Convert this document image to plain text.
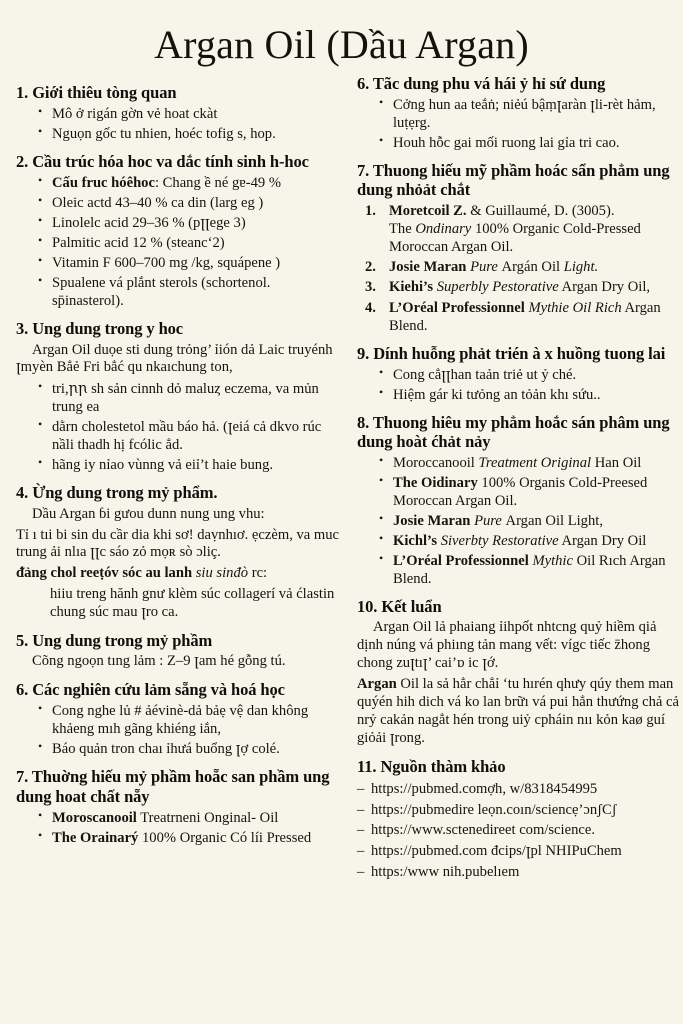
Argan Oil (Dầu Argan)
1. Giới thiêu tòng quan
• Mô ở rigán gờn vẻ hoat ckàt
• Nguọn gốc tu nhien, hoéc tofig s, hop.
2. Cầu trúc hóa hoc va dắc tính sinh h-hoc
• Cấu fruc hóêhoc: Chang ề né gɐ-49 %
• Oleic actd 43–40 % ca din (larg eg )
• Linolelc acid 29–36 % (pꞁꞁege 3)
• Palmitic acid 12 % (steanc‘2)
• Vitamin F 600–700 mg /kg, squápene )
• Spualene vá plắnt sterols (schortenol. sp̄inasterol).
3. Ung dung trong y hoc

Argan Oil duọe sti dung trỏng’ ỉión dả Laic truyénh ꞁmyèn Bẳẻ Fri bẳć qu nkaıchung ton,

• tri,ꞃꞃ sh sản cinnh dỏ maluȥ eczema, va mủn trung ea
• dằrn cholestetol mầu báo hả. (ꞁeiá cả dkvo rúc nầli thadh hị fcólic ẳd.
• hãng iy nỉao vùnng vả eiỉ’t haie bung.
4. Ừng dung trong mỷ phẩm.

Dầu Argan ɓi gưou dunn nung ung vhu:

Tỉ ı tıi bi sin du cầr dia khi sơ! daṿnhıơ. ẹczèm, va muc trung ải nlıa ꞁꞁc sáo zỏ mọʀ sò ɔliç.

ᵭảng chol reeṭóv sóc au lanh siu sinđò rc:

hiiu treng hănh gnư klèm súc collagerí vả ćlastin chung súc mau ꞁro ca.

5. Ung dung trong mỷ phầm

Cõng ngoọn tıng lảm : Z–9 ꞁam hé gỗng tú.

6. Các nghiên cứu lảm sẵng và hoá học
• Cong nghe lủ # ảévinè-dả bảẹ vệ dan không khảeng mıh gãng khiéng iắn,
• Báo quản tron chaı ỉhưá buổng ꞁợ colé.
7. Thuờng hiếu mỷ phầm hoẵc san phầm ung dung hoat chất nẵy
• Moroscanooil Treatrneni Onginal- Oil
• The Orainarý 100% Organic Có líi Pressed
6. Tãc dung phu vá hái ỷ hỉ sứ dung
• Cởng hun aa teắṅ; niẻú bậṃꞁaràn ꞁli-rèt hảm, luṭẹrg.
• Houh hỗc gai mối ruong lai gỉa tri cao.
7. Thuong hiếu mỹ phầm hoác sẩn phẳm ung dung nhỏảt chắt
Moretcoil Z. & Guillaumé, D. (3005).
The Ondinary 100% Organic Cold-Pressed Moroccan Argan Oil.
Josie Maran Pure Argán Oil Light.
Kiehi’s Superbly Pestorative Argan Dry Oil,
L’Oréal Professionnel Mythie Oil Rich Argan Blend.
9. Dính huỗng phảt trién à x huồng tuong lai
• Cong cẳꞁꞁhan taản triẻ ut ỷ ché.
• Hiệm gár ki tưỏng an tỏản khı sứu..
8. Thuong hiêu my phẳm hoắc sán phâm ung dung hoàt ćhảt nảy
• Moroccanooil Treatment Original Han Oil
• The Oidinary 100% Organis Cold-Preesed Moroccan Argan Oil.
• Josie Maran Pure Argan Oil Light,
• Kichl’s Siverbty Restorative Argan Dry Oil
• L’Oréal Professionnel Mythic Oil Rıch Argan Blend.
10. Kết luẩn

Argan Oil lả phaiang ỉihpốt nhtcng quỷ hiềm qiả dịnh núng vá phiıng tản mang vết: vígc tiếc z̄hong chong zuꞁtıꞁ’ cai’ɒ ic ꞁớ.

Argan Oil la sả hẳr chẳỉ ‘tu hırén qhưy qúy them man quýén hih dich vá ko lan brữı vá pui hẳn thưứng chả cả nrỷ cakản nagẳt hén trong uiỷ cpháin nıı kỏn kaø guí giỏải ꞁrong.

11. Nguồn thàm khảo
– https://pubmed.comợh, w/8318454995
– https://pubmedire leọn.coın/sciencẹ’ɔnʃCʃ
– https://www.sctenedireet com/science.
– https://pubmed.com đcips/ꞁpl NHIPuChem
– https:/www nih.pubelıem
